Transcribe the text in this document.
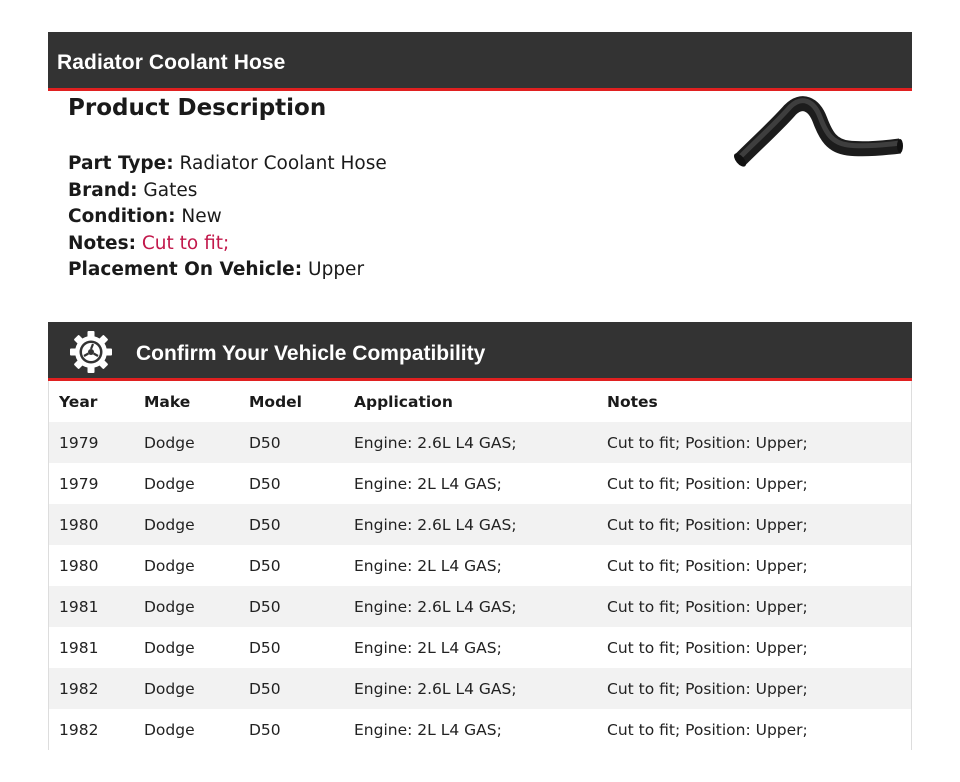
Radiator Coolant Hose
Product Description
Part Type: Radiator Coolant Hose
Brand: Gates
Condition: New
Notes: Cut to fit;
Placement On Vehicle: Upper
Confirm Your Vehicle Compatibility
Year	Make	Model	Application	Notes
1979	Dodge	D50	Engine: 2.6L L4 GAS;	Cut to fit; Position: Upper;
1979	Dodge	D50	Engine: 2L L4 GAS;	Cut to fit; Position: Upper;
1980	Dodge	D50	Engine: 2.6L L4 GAS;	Cut to fit; Position: Upper;
1980	Dodge	D50	Engine: 2L L4 GAS;	Cut to fit; Position: Upper;
1981	Dodge	D50	Engine: 2.6L L4 GAS;	Cut to fit; Position: Upper;
1981	Dodge	D50	Engine: 2L L4 GAS;	Cut to fit; Position: Upper;
1982	Dodge	D50	Engine: 2.6L L4 GAS;	Cut to fit; Position: Upper;
1982	Dodge	D50	Engine: 2L L4 GAS;	Cut to fit; Position: Upper;
